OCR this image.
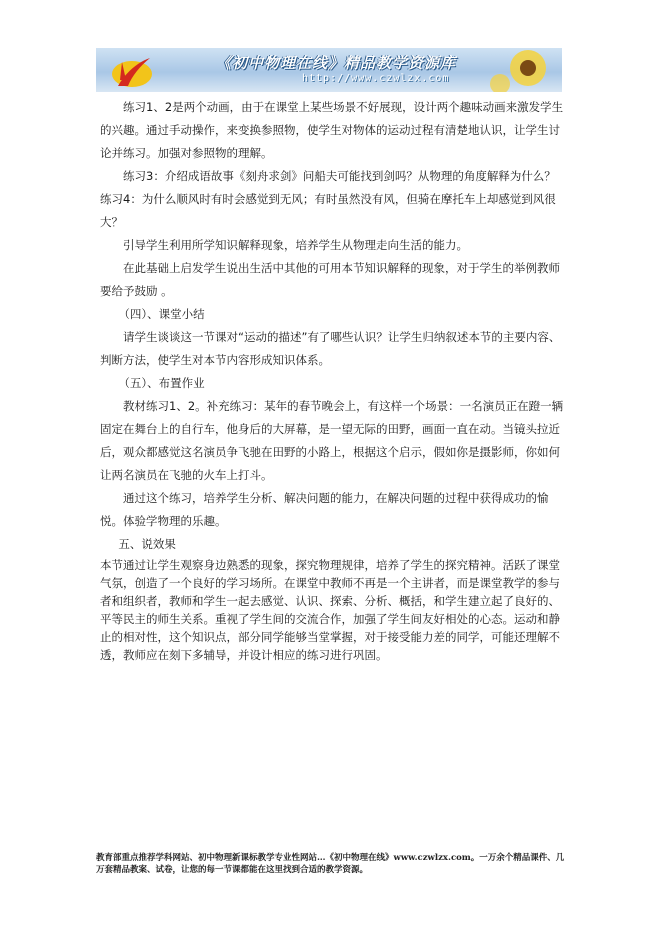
《初中物理在线》精品教学资源库
http://www.czwlzx.com

练习1、2是两个动画，由于在课堂上某些场景不好展现，设计两个趣味动画来激发学生的兴趣。通过手动操作，来变换参照物，使学生对物体的运动过程有清楚地认识，让学生讨论并练习。加强对参照物的理解。

练习3：介绍成语故事《刻舟求剑》问船夫可能找到剑吗？从物理的角度解释为什么？

练习4：为什么顺风时有时会感觉到无风；有时虽然没有风，但骑在摩托车上却感觉到风很大？

引导学生利用所学知识解释现象，培养学生从物理走向生活的能力。

在此基础上启发学生说出生活中其他的可用本节知识解释的现象，对于学生的举例教师要给予鼓励 。

（四）、课堂小结

请学生谈谈这一节课对“运动的描述”有了哪些认识？让学生归纳叙述本节的主要内容、判断方法，使学生对本节内容形成知识体系。

（五）、布置作业

教材练习1、2。补充练习：某年的春节晚会上，有这样一个场景：一名演员正在蹬一辆固定在舞台上的自行车，他身后的大屏幕，是一望无际的田野，画面一直在动。当镜头拉近后，观众都感觉这名演员争飞驰在田野的小路上，根据这个启示，假如你是摄影师，你如何让两名演员在飞驰的火车上打斗。

通过这个练习，培养学生分析、解决问题的能力，在解决问题的过程中获得成功的愉悦。体验学物理的乐趣。

五、说效果

本节通过让学生观察身边熟悉的现象，探究物理规律，培养了学生的探究精神。活跃了课堂气氛，创造了一个良好的学习场所。在课堂中教师不再是一个主讲者，而是课堂教学的参与者和组织者，教师和学生一起去感觉、认识、探索、分析、概括，和学生建立起了良好的、平等民主的师生关系。重视了学生间的交流合作，加强了学生间友好相处的心态。运动和静止的相对性，这个知识点，部分同学能够当堂掌握，对于接受能力差的同学，可能还理解不透，教师应在刻下多辅导，并设计相应的练习进行巩固。

教育部重点推荐学科网站、初中物理新课标教学专业性网站…《初中物理在线》www.czwlzx.com。一万余个精品课件、几万套精品教案、试卷，让您的每一节课都能在这里找到合适的教学资源。
